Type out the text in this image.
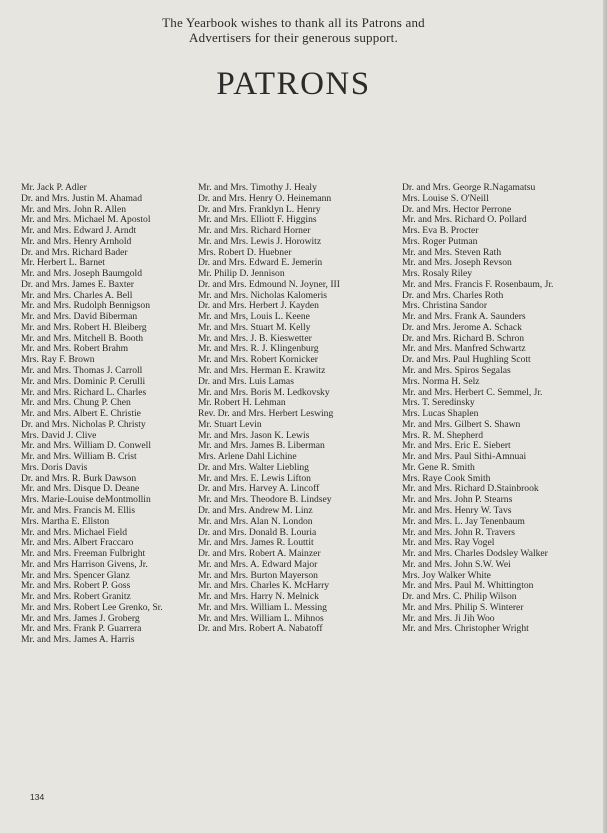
The Yearbook wishes to thank all its Patrons and
Advertisers for their generous support.
PATRONS
Mr. Jack P. Adler
Dr. and Mrs. Justin M. Ahamad
Mr. and Mrs. John R. Allen
Mr. and Mrs. Michael M. Apostol
Mr. and Mrs. Edward J. Arndt
Mr. and Mrs. Henry Arnhold
Dr. and Mrs. Richard Bader
Mr. Herbert L. Barnet
Mr. and Mrs. Joseph Baumgold
Dr. and Mrs. James E. Baxter
Mr. and Mrs. Charles A. Bell
Mr. and Mrs. Rudolph Bennigson
Mr. and Mrs. David Biberman
Mr. and Mrs. Robert H. Bleiberg
Mr. and Mrs. Mitchell B. Booth
Mr. and Mrs. Robert Brahm
Mrs. Ray F. Brown
Mr. and Mrs. Thomas J. Carroll
Mr. and Mrs. Dominic P. Cerulli
Mr. and Mrs. Richard L. Charles
Mr. and Mrs. Chung P. Chen
Mr. and Mrs. Albert E. Christie
Dr. and Mrs. Nicholas P. Christy
Mrs. David J. Clive
Mr. and Mrs. William D. Conwell
Mr. and Mrs. William B. Crist
Mrs. Doris Davis
Dr. and Mrs. R. Burk Dawson
Mr. and Mrs. Disque D. Deane
Mrs. Marie-Louise deMontmollin
Mr. and Mrs. Francis M. Ellis
Mrs. Martha E. Ellston
Mr. and Mrs. Michael Field
Mr. and Mrs. Albert Fraccaro
Mr. and Mrs. Freeman Fulbright
Mr. and Mrs Harrison Givens, Jr.
Mr. and Mrs. Spencer Glanz
Mr. and Mrs. Robert P. Goss
Mr. and Mrs. Robert Granitz
Mr. and Mrs. Robert Lee Grenko, Sr.
Mr. and Mrs. James J. Groberg
Mr. and Mrs. Frank P. Guarrera
Mr. and Mrs. James A. Harris
Mr. and Mrs. Timothy J. Healy
Dr. and Mrs. Henry O. Heinemann
Dr. and Mrs. Franklyn L. Henry
Mr. and Mrs. Elliott F. Higgins
Mr. and Mrs. Richard Horner
Mr. and Mrs. Lewis J. Horowitz
Mrs. Robert D. Huebner
Dr. and Mrs. Edward E. Jemerin
Mr. Philip D. Jennison
Dr. and Mrs. Edmound N. Joyner, III
Mr. and Mrs. Nicholas Kalomeris
Dr. and Mrs. Herbert J. Kayden
Mr. and Mrs, Louis L. Keene
Mr. and Mrs. Stuart M. Kelly
Mr. and Mrs. J. B. Kieswetter
Mr. and Mrs. R. J. Klingenburg
Mr. and Mrs. Robert Kornicker
Mr. and Mrs. Herman E. Krawitz
Dr. and Mrs. Luis Lamas
Mr. and Mrs. Boris M. Ledkovsky
Mr. Robert H. Lehman
Rev. Dr. and Mrs. Herbert Leswing
Mr. Stuart Levin
Mr. and Mrs. Jason K. Lewis
Mr. and Mrs. James B. Liberman
Mrs. Arlene Dahl Lichine
Dr. and Mrs. Walter Liebling
Mr. and Mrs. E. Lewis Lifton
Dr. and Mrs. Harvey A. Lincoff
Mr. and Mrs. Theodore B. Lindsey
Dr. and Mrs. Andrew M. Linz
Mr. and Mrs. Alan N. London
Dr. and Mrs. Donald B. Louria
Mr. and Mrs. James R. Louttit
Dr. and Mrs. Robert A. Mainzer
Mr. and Mrs. A. Edward Major
Mr. and Mrs. Burton Mayerson
Mr. and Mrs. Charles K. McHarry
Mr. and Mrs. Harry N. Melnick
Mr. and Mrs. William L. Messing
Mr. and Mrs. William L. Mihnos
Dr. and Mrs. Robert A. Nabatoff
Dr. and Mrs. George R.Nagamatsu
Mrs. Louise S. O'Neill
Dr. and Mrs. Hector Perrone
Mr. and Mrs. Richard O. Pollard
Mrs. Eva B. Procter
Mrs. Roger Putman
Mr. and Mrs. Steven Rath
Mr. and Mrs. Joseph Revson
Mrs. Rosaly Riley
Mr. and Mrs. Francis F. Rosenbaum, Jr.
Dr. and Mrs. Charles Roth
Mrs. Christina Sandor
Mr. and Mrs. Frank A. Saunders
Dr. and Mrs. Jerome A. Schack
Dr. and Mrs. Richard B. Schron
Mr. and Mrs. Manfred Schwartz
Dr. and Mrs. Paul Hughling Scott
Mr. and Mrs. Spiros Segalas
Mrs. Norma H. Selz
Mr. and Mrs. Herbert C. Semmel, Jr.
Mrs. T. Seredinsky
Mrs. Lucas Shaplen
Mr. and Mrs. Gilbert S. Shawn
Mrs. R. M. Shepherd
Mr. and Mrs. Eric E. Siebert
Mr. and Mrs. Paul Sithi-Amnuai
Mr. Gene R. Smith
Mrs. Raye Cook Smith
Mr. and Mrs. Richard D.Stainbrook
Mr. and Mrs. John P. Stearns
Mr. and Mrs. Henry W. Tavs
Mr. and Mrs. L. Jay Tenenbaum
Mr. and Mrs. John R. Travers
Mr. and Mrs. Ray Vogel
Mr. and Mrs. Charles Dodsley Walker
Mr. and Mrs. John S.W. Wei
Mrs. Joy Walker White
Mr. and Mrs. Paul M. Whittington
Dr. and Mrs. C. Philip Wilson
Mr. and Mrs. Philip S. Winterer
Mr. and Mrs. Ji Jih Woo
Mr. and Mrs. Christopher Wright
134
